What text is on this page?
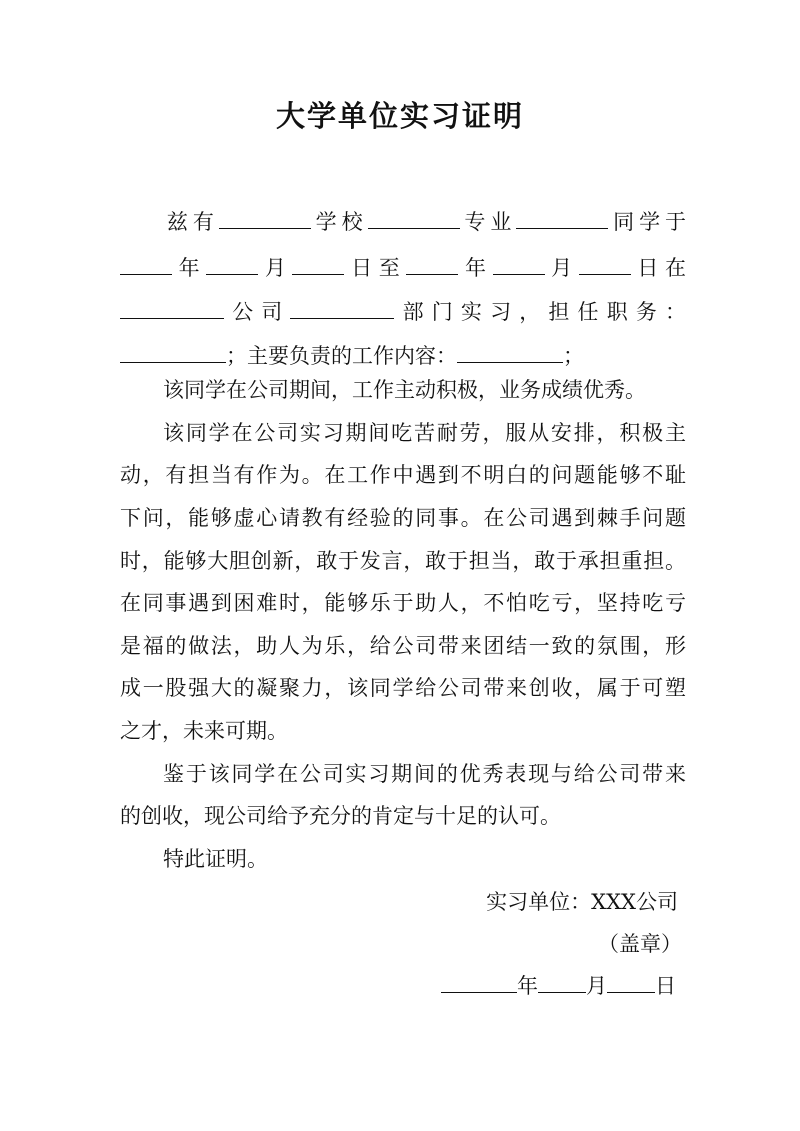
大学单位实习证明
兹有	学校	专业	同学于
年 月 日至 年 月 日在
公司	部门实习，担任职务：
；主要负责的工作内容：	；
该同学在公司期间，工作主动积极，业务成绩优秀。
该同学在公司实习期间吃苦耐劳，服从安排，积极主
动，有担当有作为。在工作中遇到不明白的问题能够不耻
下问，能够虚心请教有经验的同事。在公司遇到棘手问题
时，能够大胆创新，敢于发言，敢于担当，敢于承担重担。
在同事遇到困难时，能够乐于助人，不怕吃亏，坚持吃亏
是福的做法，助人为乐，给公司带来团结一致的氛围，形
成一股强大的凝聚力，该同学给公司带来创收，属于可塑
之才，未来可期。
鉴于该同学在公司实习期间的优秀表现与给公司带来
的创收，现公司给予充分的肯定与十足的认可。
特此证明。
实习单位：XXX公司
（盖章）
年 月 日
